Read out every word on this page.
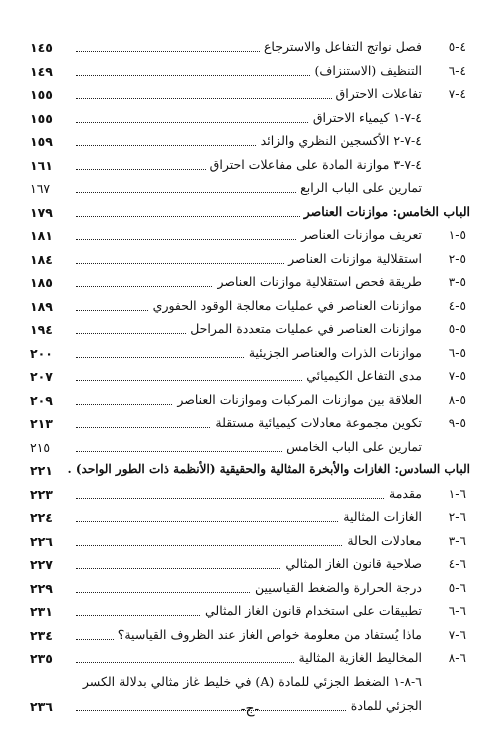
٤-٥
فصل نواتج التفاعل والاسترجاع
١٤٥
٤-٦
التنظيف (الاستنزاف)
١٤٩
٤-٧
تفاعلات الاحتراق
١٥٥
٤-٧-١ كيمياء الاحتراق
١٥٥
٤-٧-٢ الأكسجين النظري والزائد
١٥٩
٤-٧-٣ موازنة المادة على مفاعلات احتراق
١٦١
تمارين على الباب الرابع
١٦٧
الباب الخامس: موازنات العناصر
١٧٩
٥-١
تعريف موازنات العناصر
١٨١
٥-٢
استقلالية موازنات العناصر
١٨٤
٥-٣
طريقة فحص استقلالية موازنات العناصر
١٨٥
٥-٤
موازنات العناصر في عمليات معالجة الوقود الحفوري
١٨٩
٥-٥
موازنات العناصر في عمليات متعددة المراحل
١٩٤
٥-٦
موازنات الذرات والعناصر الجزيئية
٢٠٠
٥-٧
مدى التفاعل الكيميائي
٢٠٧
٥-٨
العلاقة بين موازنات المركبات وموازنات العناصر
٢٠٩
٥-٩
تكوين مجموعة معادلات كيميائية مستقلة
٢١٣
تمارين على الباب الخامس
٢١٥
الباب السادس: الغازات والأبخرة المثالية والحقيقية (الأنظمة ذات الطور الواحد) .
٢٢١
٦-١
مقدمة
٢٢٣
٦-٢
الغازات المثالية
٢٢٤
٦-٣
معادلات الحالة
٢٢٦
٦-٤
صلاحية قانون الغاز المثالي
٢٢٧
٦-٥
درجة الحرارة والضغط القياسيين
٢٢٩
٦-٦
تطبيقات على استخدام قانون الغاز المثالي
٢٣١
٦-٧
ماذا يُستفاد من معلومة خواص الغاز عند الظروف القياسية؟
٢٣٤
٦-٨
المخاليط الغازية المثالية
٢٣٥
٦-٨-١ الضغط الجزئي للمادة (A) في خليط غاز مثالي بدلالة الكسر
الجزئي للمادة
٢٣٦	-ج-
